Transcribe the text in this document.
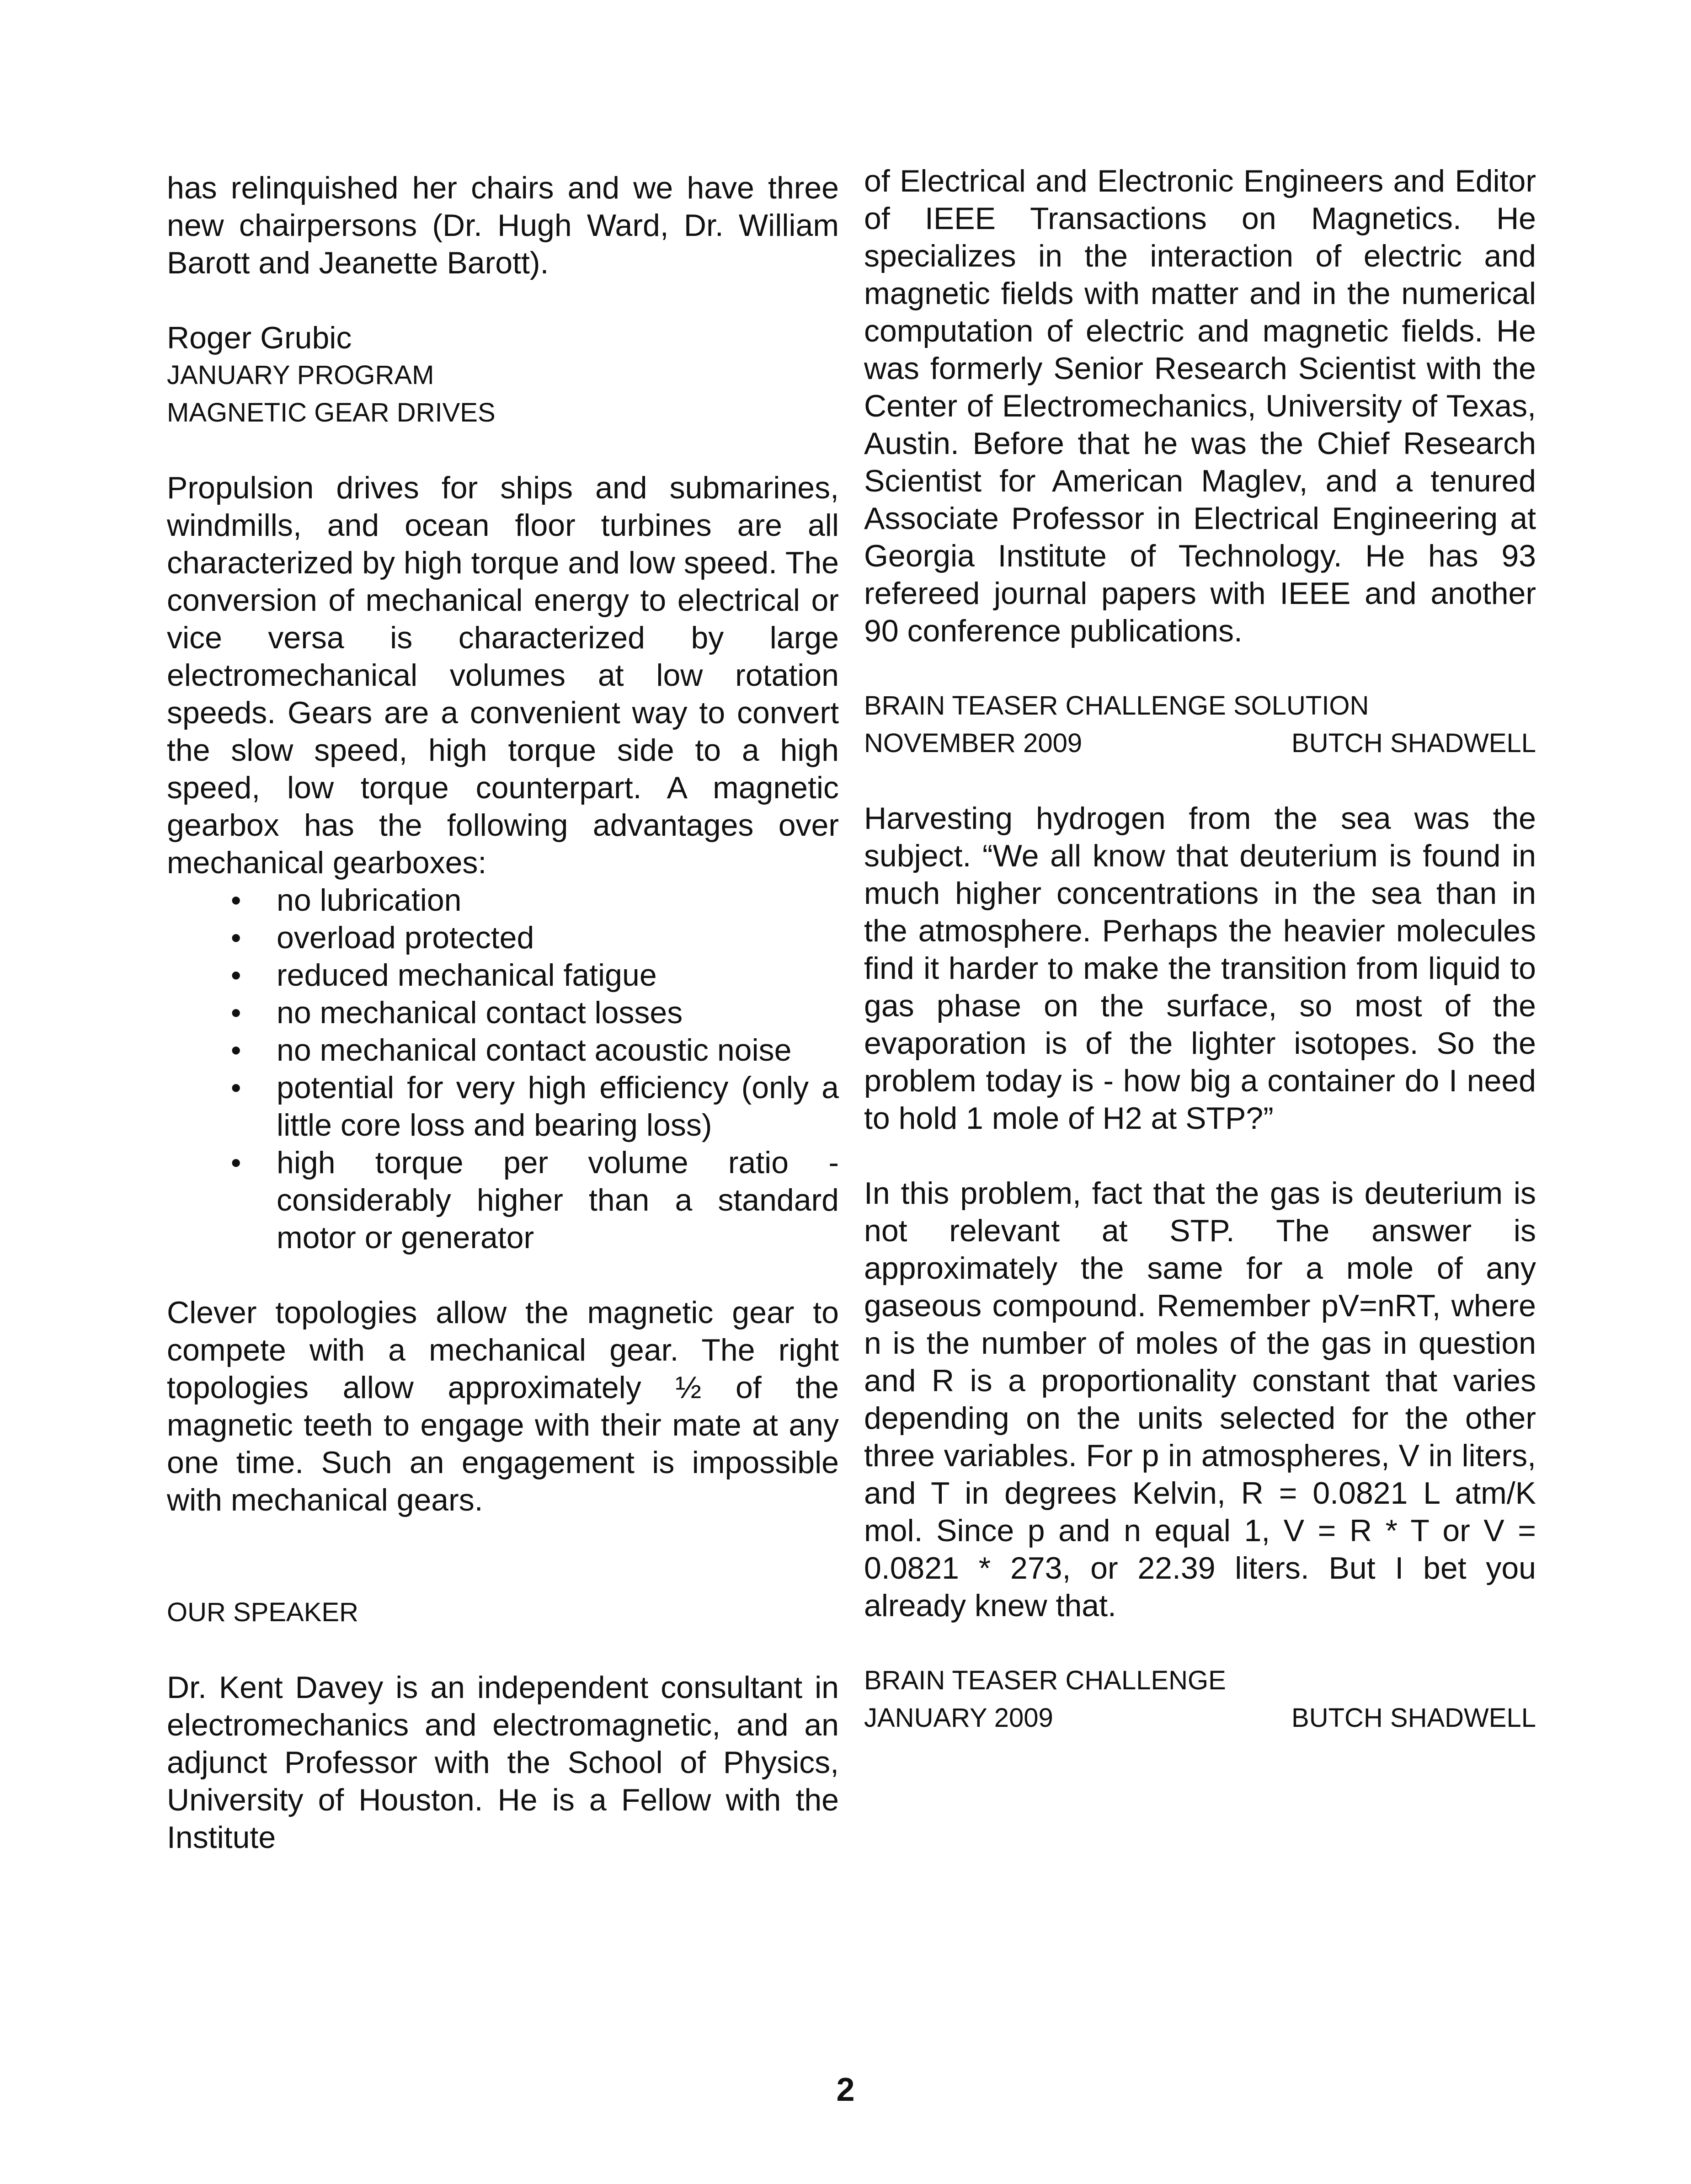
has relinquished her chairs and we have three new chairpersons (Dr. Hugh Ward, Dr. William Barott and Jeanette Barott).

Roger Grubic
JANUARY PROGRAM
MAGNETIC GEAR DRIVES

Propulsion drives for ships and submarines, windmills, and ocean floor turbines are all characterized by high torque and low speed. The conversion of mechanical energy to electrical or vice versa is characterized by large electromechanical volumes at low rotation speeds. Gears are a convenient way to convert the slow speed, high torque side to a high speed, low torque counterpart. A magnetic gearbox has the following advantages over mechanical gearboxes:

• no lubrication
• overload protected
• reduced mechanical fatigue
• no mechanical contact losses
• no mechanical contact acoustic noise
• potential for very high efficiency (only a little core loss and bearing loss)
• high torque per volume ratio - considerably higher than a standard motor or generator

Clever topologies allow the magnetic gear to compete with a mechanical gear. The right topologies allow approximately ½ of the magnetic teeth to engage with their mate at any one time. Such an engagement is impossible with mechanical gears.

OUR SPEAKER

Dr. Kent Davey is an independent consultant in electromechanics and electromagnetic, and an adjunct Professor with the School of Physics, University of Houston. He is a Fellow with the Institute

of Electrical and Electronic Engineers and Editor of IEEE Transactions on Magnetics. He specializes in the interaction of electric and magnetic fields with matter and in the numerical computation of electric and magnetic fields. He was formerly Senior Research Scientist with the Center of Electromechanics, University of Texas, Austin. Before that he was the Chief Research Scientist for American Maglev, and a tenured Associate Professor in Electrical Engineering at Georgia Institute of Technology. He has 93 refereed journal papers with IEEE and another 90 conference publications.

BRAIN TEASER CHALLENGE SOLUTION
NOVEMBER 2009	BUTCH SHADWELL

Harvesting hydrogen from the sea was the subject. “We all know that deuterium is found in much higher concentrations in the sea than in the atmosphere. Perhaps the heavier molecules find it harder to make the transition from liquid to gas phase on the surface, so most of the evaporation is of the lighter isotopes. So the problem today is - how big a container do I need to hold 1 mole of H2 at STP?”

In this problem, fact that the gas is deuterium is not relevant at STP. The answer is approximately the same for a mole of any gaseous compound. Remember pV=nRT, where n is the number of moles of the gas in question and R is a proportionality constant that varies depending on the units selected for the other three variables. For p in atmospheres, V in liters, and T in degrees Kelvin, R = 0.0821 L atm/K mol. Since p and n equal 1, V = R * T or V = 0.0821 * 273, or 22.39 liters. But I bet you already knew that.

BRAIN TEASER CHALLENGE
JANUARY 2009	BUTCH SHADWELL
2
